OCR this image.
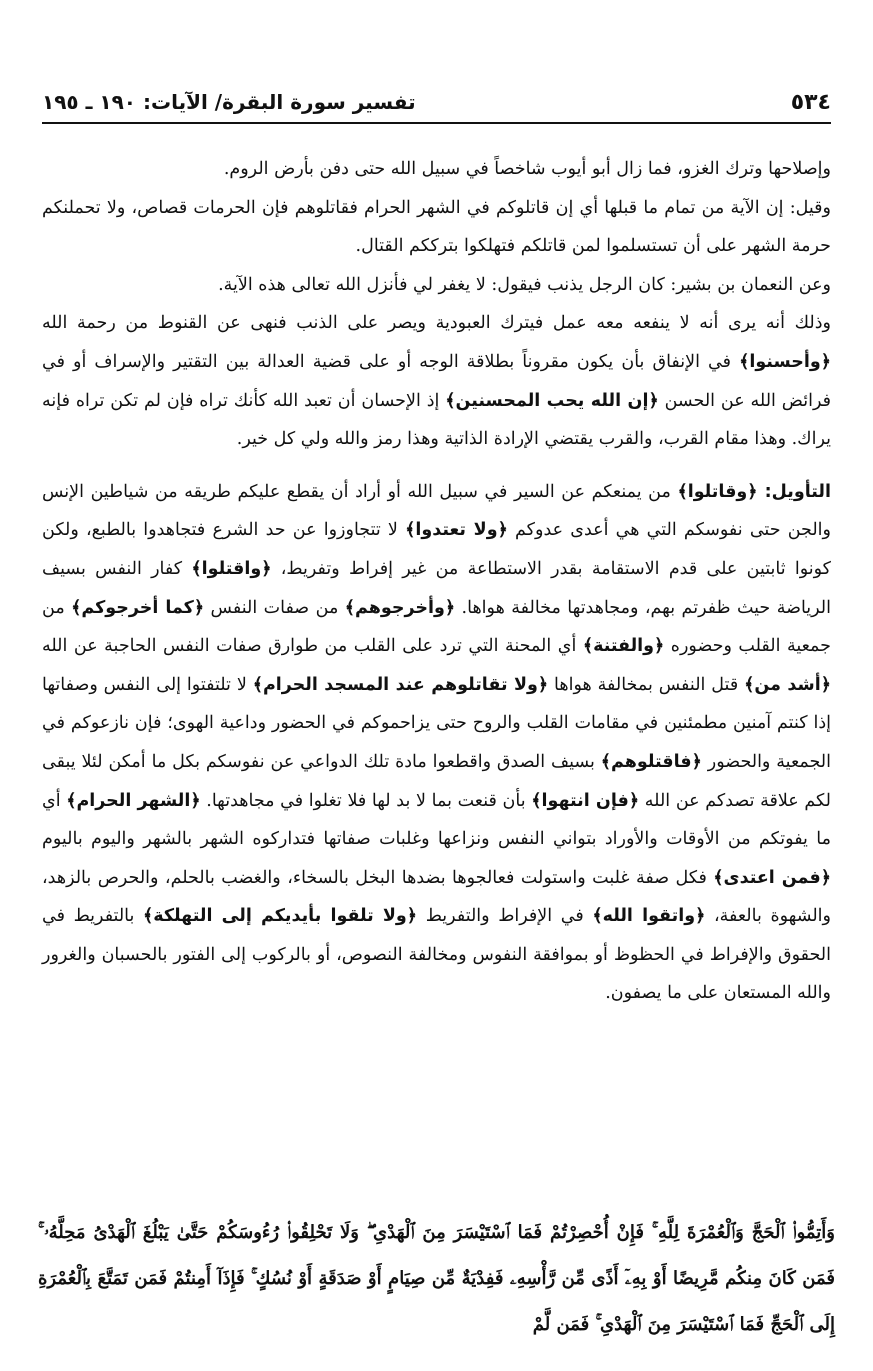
٥٣٤
تفسير سورة البقرة/ الآيات: ١٩٠ ـ ١٩٥

وإصلاحها وترك الغزو، فما زال أبو أيوب شاخصاً في سبيل الله حتى دفن بأرض الروم.

وقيل: إن الآية من تمام ما قبلها أي إن قاتلوكم في الشهر الحرام فقاتلوهم فإن الحرمات قصاص، ولا تحملنكم حرمة الشهر على أن تستسلموا لمن قاتلكم فتهلكوا بترككم القتال.

وعن النعمان بن بشير: كان الرجل يذنب فيقول: لا يغفر لي فأنزل الله تعالى هذه الآية.

وذلك أنه يرى أنه لا ينفعه معه عمل فيترك العبودية ويصر على الذنب فنهى عن القنوط من رحمة الله ﴿وأحسنوا﴾ في الإنفاق بأن يكون مقروناً بطلاقة الوجه أو على قضية العدالة بين التقتير والإسراف أو في فرائض الله عن الحسن ﴿إن الله يحب المحسنين﴾ إذ الإحسان أن تعبد الله كأنك تراه فإن لم تكن تراه فإنه يراك. وهذا مقام القرب، والقرب يقتضي الإرادة الذاتية وهذا رمز والله ولي كل خير.

التأويل: ﴿وقاتلوا﴾ من يمنعكم عن السير في سبيل الله أو أراد أن يقطع عليكم طريقه من شياطين الإنس والجن حتى نفوسكم التي هي أعدى عدوكم ﴿ولا تعتدوا﴾ لا تتجاوزوا عن حد الشرع فتجاهدوا بالطبع، ولكن كونوا ثابتين على قدم الاستقامة بقدر الاستطاعة من غير إفراط وتفريط، ﴿واقتلوا﴾ كفار النفس بسيف الرياضة حيث ظفرتم بهم، ومجاهدتها مخالفة هواها. ﴿وأخرجوهم﴾ من صفات النفس ﴿كما أخرجوكم﴾ من جمعية القلب وحضوره ﴿والفتنة﴾ أي المحنة التي ترد على القلب من طوارق صفات النفس الحاجبة عن الله ﴿أشد من﴾ قتل النفس بمخالفة هواها ﴿ولا تقاتلوهم عند المسجد الحرام﴾ لا تلتفتوا إلى النفس وصفاتها إذا كنتم آمنين مطمئنين في مقامات القلب والروح حتى يزاحموكم في الحضور وداعية الهوى؛ فإن نازعوكم في الجمعية والحضور ﴿فاقتلوهم﴾ بسيف الصدق واقطعوا مادة تلك الدواعي عن نفوسكم بكل ما أمكن لئلا يبقى لكم علاقة تصدكم عن الله ﴿فإن انتهوا﴾ بأن قنعت بما لا بد لها فلا تغلوا في مجاهدتها. ﴿الشهر الحرام﴾ أي ما يفوتكم من الأوقات والأوراد بتواني النفس ونزاعها وغلبات صفاتها فتداركوه الشهر بالشهر واليوم باليوم ﴿فمن اعتدى﴾ فكل صفة غلبت واستولت فعالجوها بضدها البخل بالسخاء، والغضب بالحلم، والحرص بالزهد، والشهوة بالعفة، ﴿واتقوا الله﴾ في الإفراط والتفريط ﴿ولا تلقوا بأيديكم إلى التهلكة﴾ بالتفريط في الحقوق والإفراط في الحظوظ أو بموافقة النفوس ومخالفة النصوص، أو بالركوب إلى الفتور بالحسبان والغرور والله المستعان على ما يصفون.

وَأَتِمُّوا۟ ٱلْحَجَّ وَٱلْعُمْرَةَ لِلَّهِ ۚ فَإِنْ أُحْصِرْتُمْ فَمَا ٱسْتَيْسَرَ مِنَ ٱلْهَدْىِ ۖ وَلَا تَحْلِقُوا۟ رُءُوسَكُمْ حَتَّىٰ يَبْلُغَ ٱلْهَدْىُ مَحِلَّهُۥ ۚ فَمَن كَانَ مِنكُم مَّرِيضًا أَوْ بِهِۦٓ أَذًى مِّن رَّأْسِهِۦ فَفِدْيَةٌ مِّن صِيَامٍ أَوْ صَدَقَةٍ أَوْ نُسُكٍ ۚ فَإِذَآ أَمِنتُمْ فَمَن تَمَتَّعَ بِٱلْعُمْرَةِ إِلَى ٱلْحَجِّ فَمَا ٱسْتَيْسَرَ مِنَ ٱلْهَدْىِ ۚ فَمَن لَّمْ
